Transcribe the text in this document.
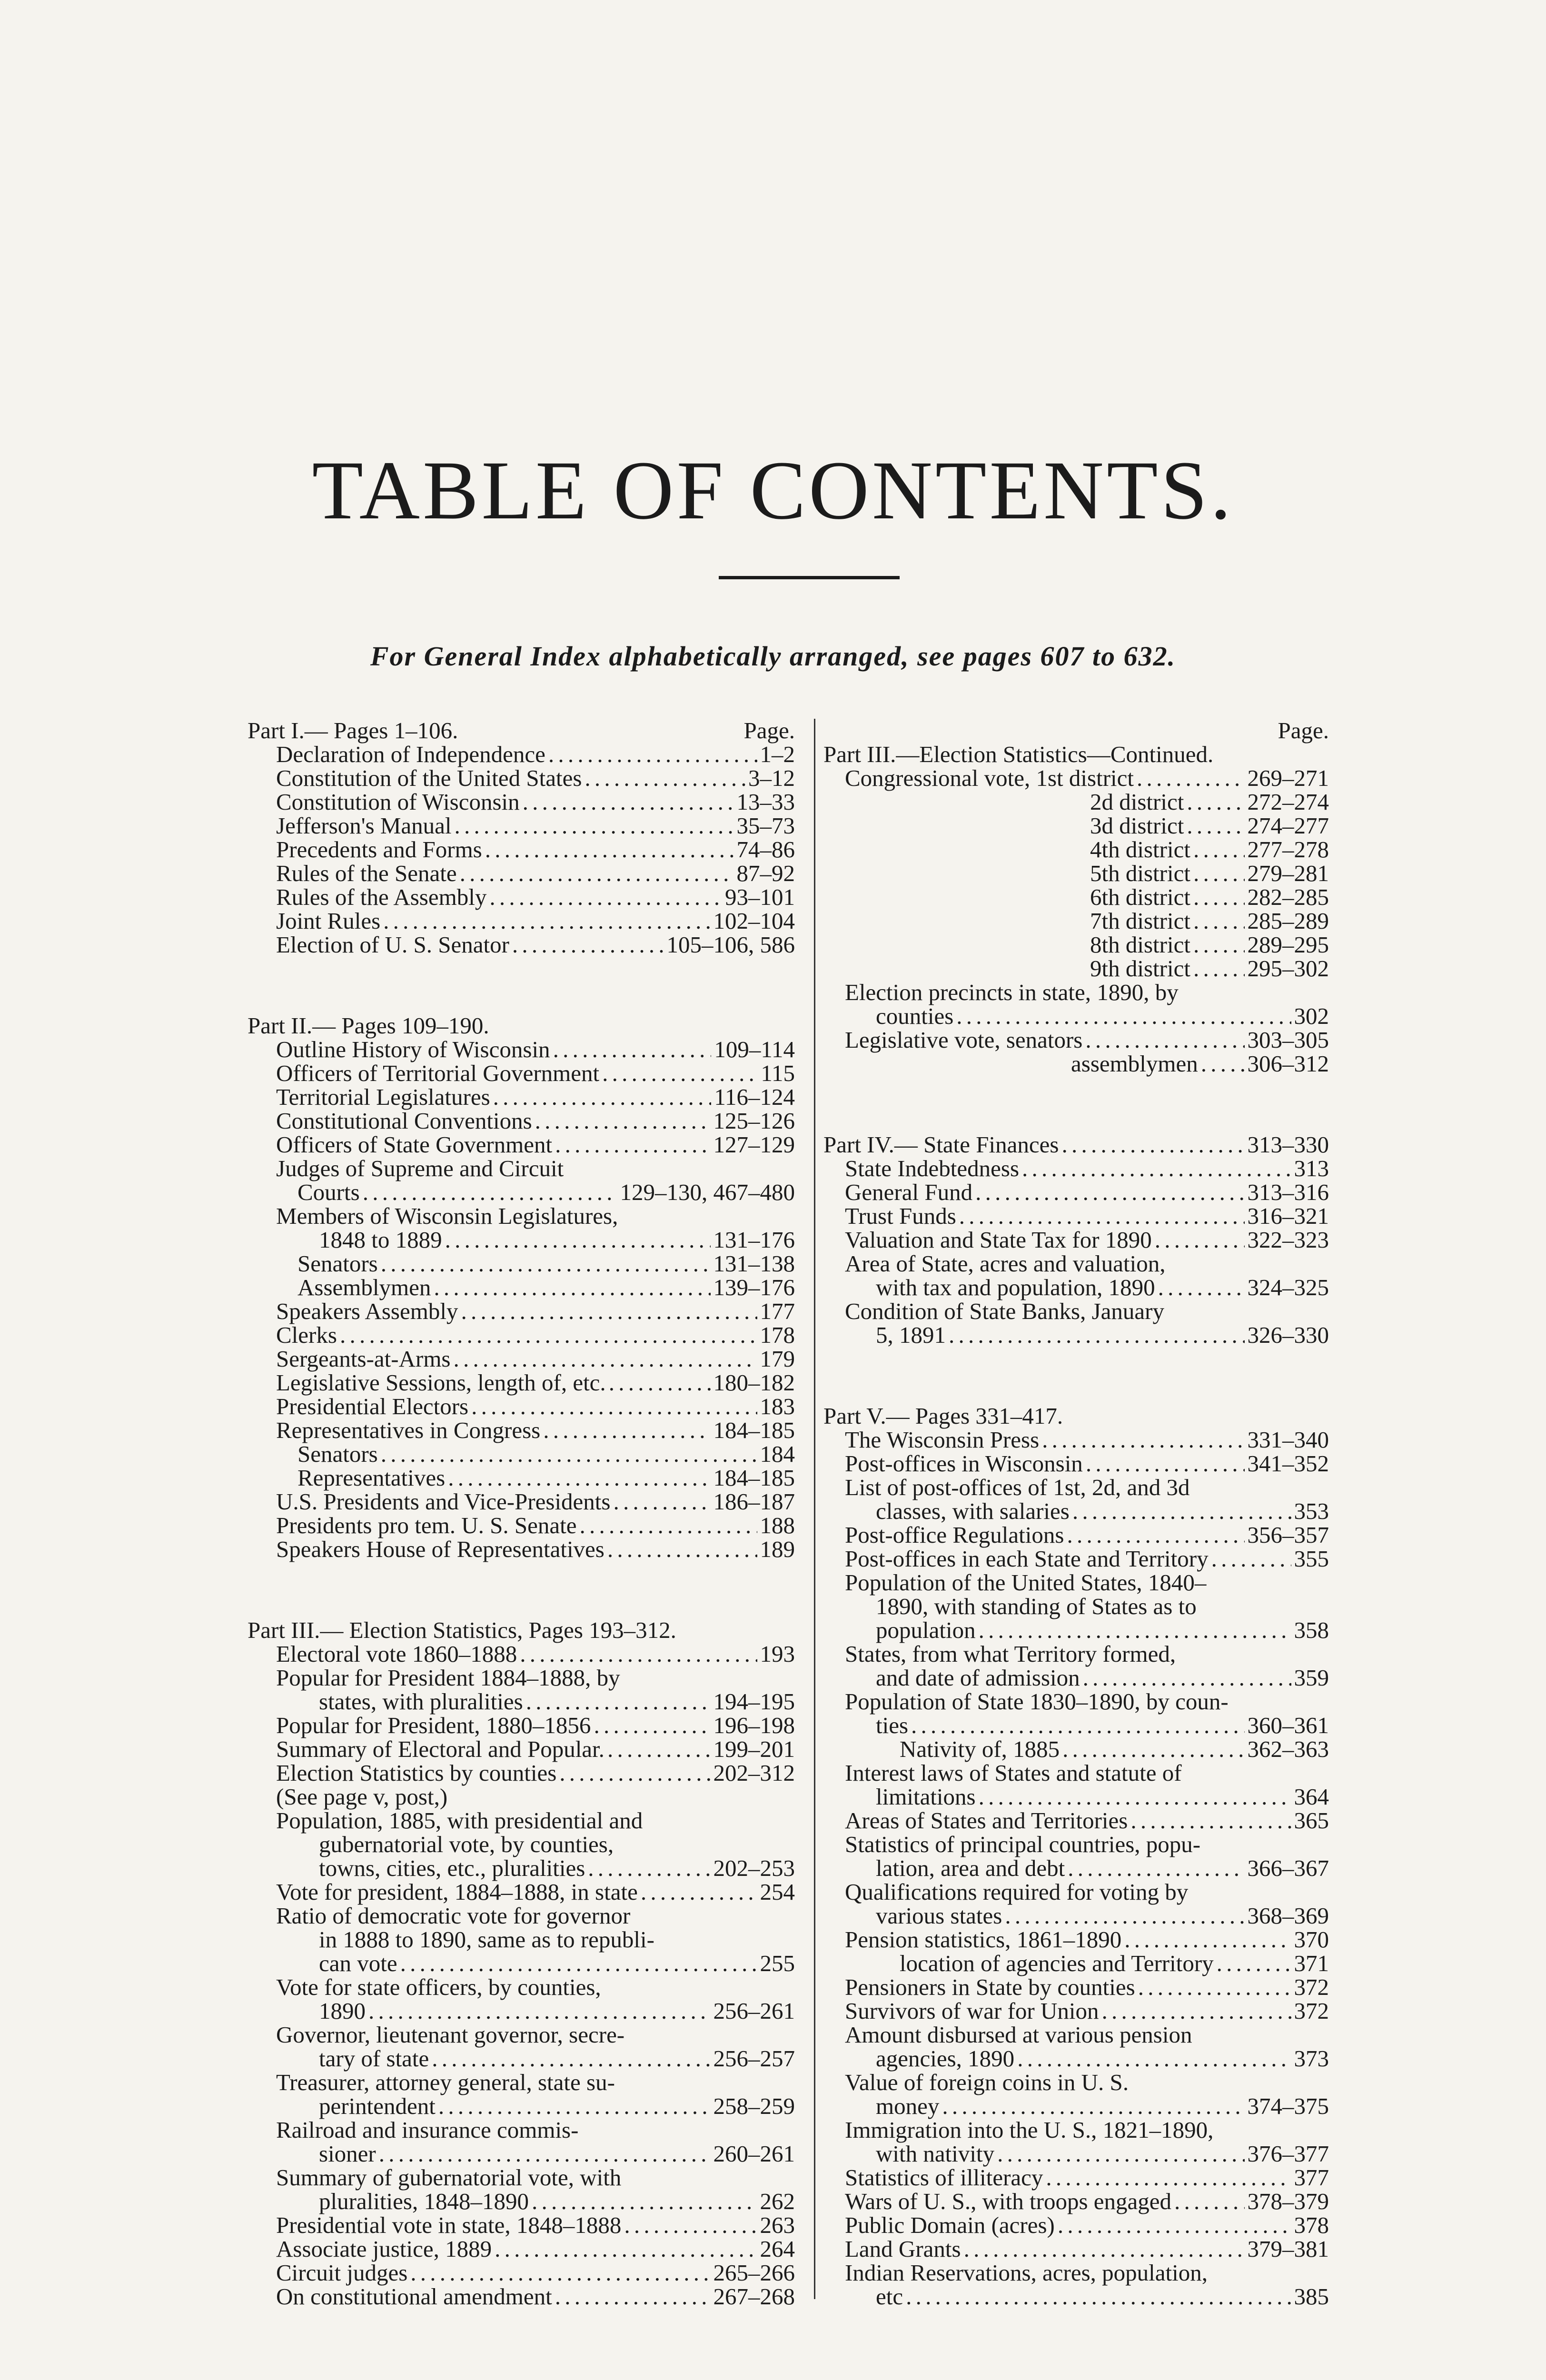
TABLE OF CONTENTS.
For General Index alphabetically arranged, see pages 607 to 632.
Part I.— Pages 1–106.	Page.
Declaration of Independence . . .	1–2
Constitution of the United States . . .	3–12
Constitution of Wisconsin . . .	13–33
Jefferson's Manual . . .	35–73
Precedents and Forms . . .	74–86
Rules of the Senate . . .	87–92
Rules of the Assembly . . .	93–101
Joint Rules . . .	102–104
Election of U. S. Senator . . .	105–106, 586
Part II.— Pages 109–190.
Outline History of Wisconsin . . .	109–114
Officers of Territorial Government . . .	115
Territorial Legislatures . . .	116–124
Constitutional Conventions . . .	125–126
Officers of State Government . . .	127–129
Judges of Supreme and Circuit
Courts . . .	129–130, 467–480
Members of Wisconsin Legislatures,
1848 to 1889 . . .	131–176
Senators . . .	131–138
Assemblymen . . .	139–176
Speakers Assembly . . .	177
Clerks . . .	178
Sergeants-at-Arms . . .	179
Legislative Sessions, length of, etc. . . .	180–182
Presidential Electors . . .	183
Representatives in Congress . . .	184–185
Senators . . .	184
Representatives . . .	184–185
U.S. Presidents and Vice-Presidents . . .	186–187
Presidents pro tem. U. S. Senate . . .	188
Speakers House of Representatives . . .	189
Part III.— Election Statistics, Pages 193–312.
Electoral vote 1860–1888 . . .	193
Popular for President 1884–1888, by
states, with pluralities . . .	194–195
Popular for President, 1880–1856 . . .	196–198
Summary of Electoral and Popular. . . .	199–201
Election Statistics by counties . . .	202–312
(See page v, post,)
Population, 1885, with presidential and
gubernatorial vote, by counties,
towns, cities, etc., pluralities . . .	202–253
Vote for president, 1884–1888, in state . . .	254
Ratio of democratic vote for governor
in 1888 to 1890, same as to republi-
can vote . . .	255
Vote for state officers, by counties,
1890 . . .	256–261
Governor, lieutenant governor, secre-
tary of state . . .	256–257
Treasurer, attorney general, state su-
perintendent . . .	258–259
Railroad and insurance commis-
sioner . . .	260–261
Summary of gubernatorial vote, with
pluralities, 1848–1890 . . .	262
Presidential vote in state, 1848–1888 . . .	263
Associate justice, 1889 . . .	264
Circuit judges . . .	265–266
On constitutional amendment . . .	267–268
Page.
Part III.—Election Statistics—Continued.
Congressional vote, 1st district . . .	269–271
2d district . . .	272–274
3d district . . .	274–277
4th district . . . 277–278
5th district . . . 279–281
6th district . . . 282–285
7th district . . . 285–289
8th district . . . 289–295
9th district . . . 295–302
Election precincts in state, 1890, by
counties . . .	302
Legislative vote, senators . . .	303–305
assemblymen . . . 306–312
Part IV.— State Finances . . .	313–330
State Indebtedness . . .	313
General Fund . . .	313–316
Trust Funds . . .	316–321
Valuation and State Tax for 1890 . . .	322–323
Area of State, acres and valuation,
with tax and population, 1890 . . .	324–325
Condition of State Banks, January
5, 1891 . . .	326–330
Part V.— Pages 331–417.
The Wisconsin Press . . .	331–340
Post-offices in Wisconsin . . .	341–352
List of post-offices of 1st, 2d, and 3d
classes, with salaries . . .	353
Post-office Regulations . . .	356–357
Post-offices in each State and Territory . . .	355
Population of the United States, 1840–
1890, with standing of States as to
population . . .	358
States, from what Territory formed,
and date of admission . . .	359
Population of State 1830–1890, by coun-
ties . . .	360–361
Nativity of, 1885 . . .	362–363
Interest laws of States and statute of
limitations . . .	364
Areas of States and Territories . . .	365
Statistics of principal countries, popu-
lation, area and debt . . .	366–367
Qualifications required for voting by
various states . . .	368–369
Pension statistics, 1861–1890 . . .	370
location of agencies and Territory . . .	371
Pensioners in State by counties . . .	372
Survivors of war for Union . . .	372
Amount disbursed at various pension
agencies, 1890 . . .	373
Value of foreign coins in U. S.
money . . .	374–375
Immigration into the U. S., 1821–1890,
with nativity . . .	376–377
Statistics of illiteracy . . .	377
Wars of U. S., with troops engaged . . .	378–379
Public Domain (acres) . . .	378
Land Grants . . .	379–381
Indian Reservations, acres, population,
etc . . .	385
